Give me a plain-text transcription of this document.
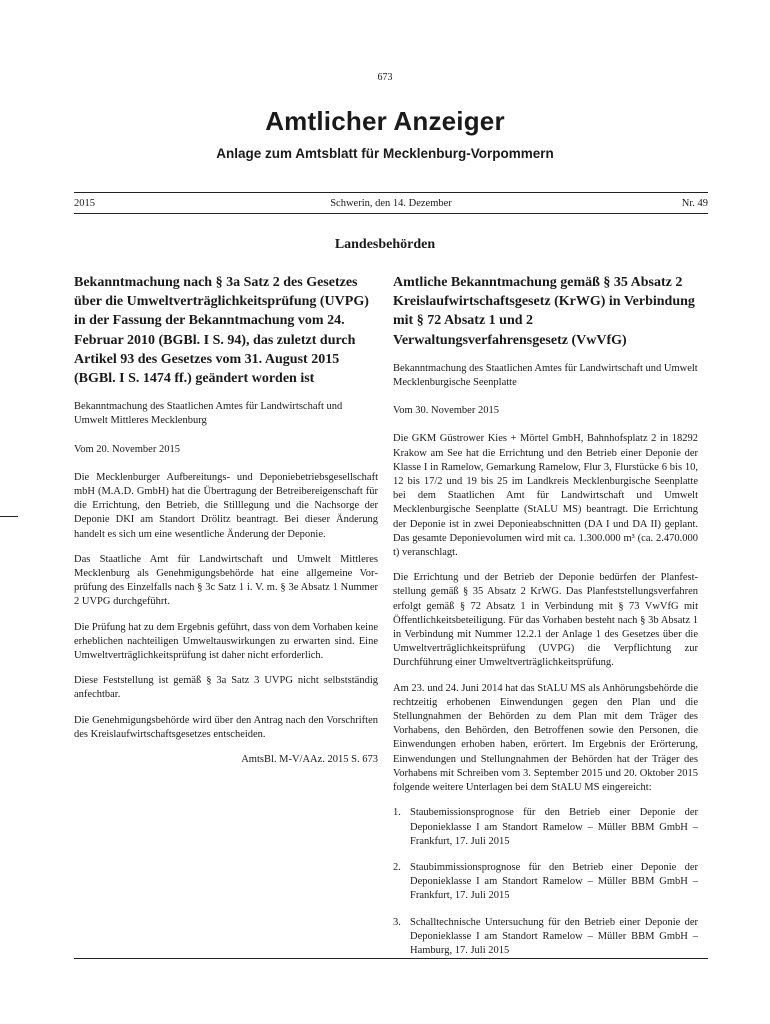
673
Amtlicher Anzeiger
Anlage zum Amtsblatt für Mecklenburg-Vorpommern
2015	Schwerin, den 14. Dezember	Nr. 49
Landesbehörden
Bekanntmachung nach § 3a Satz 2 des Gesetzes über die Umweltverträglichkeitsprüfung (UVPG) in der Fassung der Bekanntmachung vom 24. Februar 2010 (BGBl. I S. 94), das zuletzt durch Artikel 93 des Gesetzes vom 31. August 2015 (BGBl. I S. 1474 ff.) geändert worden ist

Bekanntmachung des Staatlichen Amtes für Landwirtschaft und Umwelt Mittleres Mecklenburg

Vom 20. November 2015

Die Mecklenburger Aufbereitungs- und Deponiebetriebsgesellschaft mbH (M.A.D. GmbH) hat die Übertragung der Betreibereigenschaft für die Errichtung, den Betrieb, die Stilllegung und die Nachsorge der Deponie DKI am Standort Drölitz beantragt. Bei dieser Änderung handelt es sich um eine wesentliche Änderung der Deponie.

Das Staatliche Amt für Landwirtschaft und Umwelt Mittleres Mecklenburg als Genehmigungsbehörde hat eine allgemeine Vorprüfung des Einzelfalls nach § 3c Satz 1 i. V. m. § 3e Absatz 1 Nummer 2 UVPG durchgeführt.

Die Prüfung hat zu dem Ergebnis geführt, dass von dem Vorhaben keine erheblichen nachteiligen Umweltauswirkungen zu erwarten sind. Eine Umweltverträglichkeitsprüfung ist daher nicht erforderlich.

Diese Feststellung ist gemäß § 3a Satz 3 UVPG nicht selbstständig anfechtbar.

Die Genehmigungsbehörde wird über den Antrag nach den Vorschriften des Kreislaufwirtschaftsgesetzes entscheiden.

AmtsBl. M-V/AAz. 2015 S. 673

Amtliche Bekanntmachung gemäß § 35 Absatz 2 Kreislaufwirtschaftsgesetz (KrWG) in Verbindung mit § 72 Absatz 1 und 2 Verwaltungsverfahrensgesetz (VwVfG)

Bekanntmachung des Staatlichen Amtes für Landwirtschaft und Umwelt Mecklenburgische Seenplatte

Vom 30. November 2015

Die GKM Güstrower Kies + Mörtel GmbH, Bahnhofsplatz 2 in 18292 Krakow am See hat die Errichtung und den Betrieb einer Deponie der Klasse I in Ramelow, Gemarkung Ramelow, Flur 3, Flurstücke 6 bis 10, 12 bis 17/2 und 19 bis 25 im Landkreis Mecklenburgische Seenplatte bei dem Staatlichen Amt für Landwirtschaft und Umwelt Mecklenburgische Seenplatte (StALU MS) beantragt. Die Errichtung der Deponie ist in zwei Deponieabschnitten (DA I und DA II) geplant. Das gesamte Deponievolumen wird mit ca. 1.300.000 m³ (ca. 2.470.000 t) veranschlagt.

Die Errichtung und der Betrieb der Deponie bedürfen der Planfeststellung gemäß § 35 Absatz 2 KrWG. Das Planfeststellungsverfahren erfolgt gemäß § 72 Absatz 1 in Verbindung mit § 73 VwVfG mit Öffentlichkeitsbeteiligung. Für das Vorhaben besteht nach § 3b Absatz 1 in Verbindung mit Nummer 12.2.1 der Anlage 1 des Gesetzes über die Umweltverträglichkeitsprüfung (UVPG) die Verpflichtung zur Durchführung einer Umweltverträglichkeitsprüfung.

Am 23. und 24. Juni 2014 hat das StALU MS als Anhörungsbehörde die rechtzeitig erhobenen Einwendungen gegen den Plan und die Stellungnahmen der Behörden zu dem Plan mit dem Träger des Vorhabens, den Behörden, den Betroffenen sowie den Personen, die Einwendungen erhoben haben, erörtert. Im Ergebnis der Erörterung, Einwendungen und Stellungnahmen der Behörden hat der Träger des Vorhabens mit Schreiben vom 3. September 2015 und 20. Oktober 2015 folgende weitere Unterlagen bei dem StALU MS eingereicht:

1. Staubemissionsprognose für den Betrieb einer Deponie der Deponieklasse I am Standort Ramelow – Müller BBM GmbH – Frankfurt, 17. Juli 2015
2. Staubimmissionsprognose für den Betrieb einer Deponie der Deponieklasse I am Standort Ramelow – Müller BBM GmbH – Frankfurt, 17. Juli 2015
3. Schalltechnische Untersuchung für den Betrieb einer Deponie der Deponieklasse I am Standort Ramelow – Müller BBM GmbH – Hamburg, 17. Juli 2015
